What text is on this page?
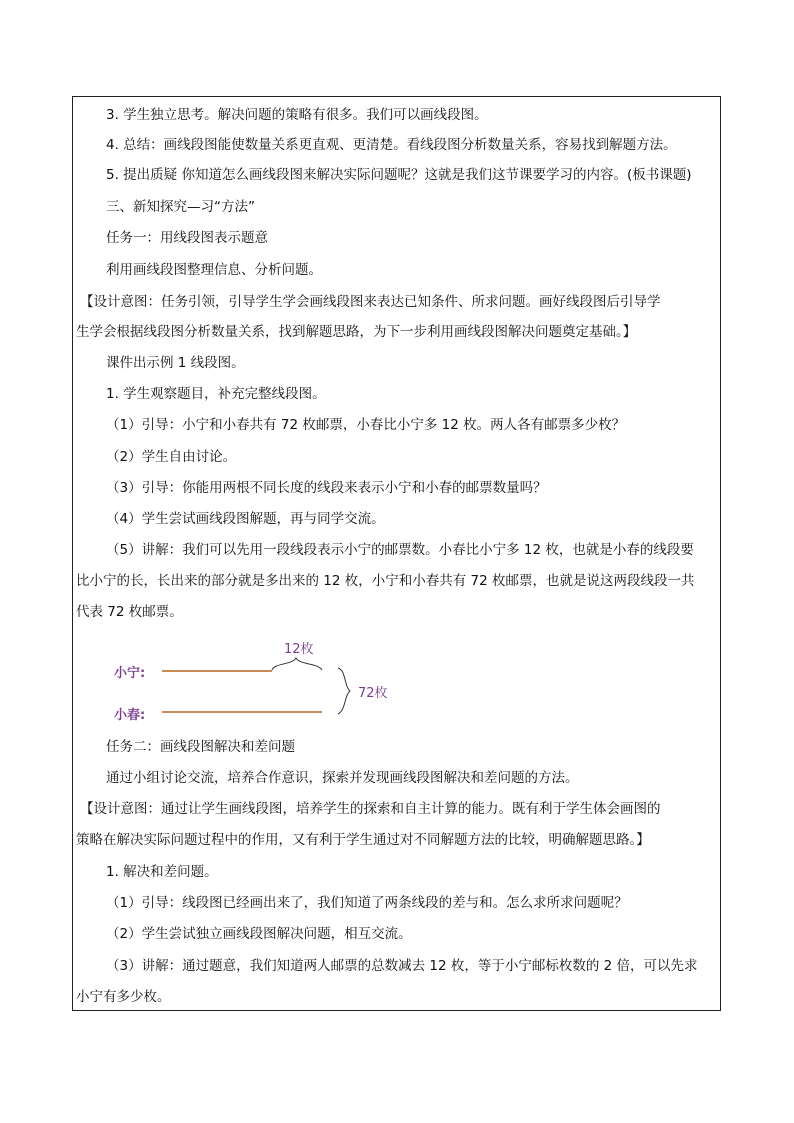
3. 学生独立思考。解决问题的策略有很多。我们可以画线段图。
4. 总结：画线段图能使数量关系更直观、更清楚。看线段图分析数量关系，容易找到解题方法。
5. 提出质疑 你知道怎么画线段图来解决实际问题呢？这就是我们这节课要学习的内容。(板书课题)
三、新知探究—习“方法”
任务一：用线段图表示题意
利用画线段图整理信息、分析问题。
【设计意图：任务引领，引导学生学会画线段图来表达已知条件、所求问题。画好线段图后引导学
生学会根据线段图分析数量关系，找到解题思路，为下一步利用画线段图解决问题奠定基础。】
课件出示例 1 线段图。
1. 学生观察题目，补充完整线段图。
（1）引导：小宁和小春共有 72 枚邮票，小春比小宁多 12 枚。两人各有邮票多少枚？
（2）学生自由讨论。
（3）引导：你能用两根不同长度的线段来表示小宁和小春的邮票数量吗？
（4）学生尝试画线段图解题，再与同学交流。
（5）讲解：我们可以先用一段线段表示小宁的邮票数。小春比小宁多 12 枚，也就是小春的线段要
比小宁的长，长出来的部分就是多出来的 12 枚，小宁和小春共有 72 枚邮票，也就是说这两段线段一共
代表 72 枚邮票。
任务二：画线段图解决和差问题
通过小组讨论交流，培养合作意识，探索并发现画线段图解决和差问题的方法。
【设计意图：通过让学生画线段图，培养学生的探索和自主计算的能力。既有利于学生体会画图的
策略在解决实际问题过程中的作用，又有利于学生通过对不同解题方法的比较，明确解题思路。】
1. 解决和差问题。
（1）引导：线段图已经画出来了，我们知道了两条线段的差与和。怎么求所求问题呢？
（2）学生尝试独立画线段图解决问题，相互交流。
（3）讲解：通过题意，我们知道两人邮票的总数减去 12 枚，等于小宁邮标枚数的 2 倍，可以先求
小宁有多少枚。
小宁:
小春:
12枚
72枚
